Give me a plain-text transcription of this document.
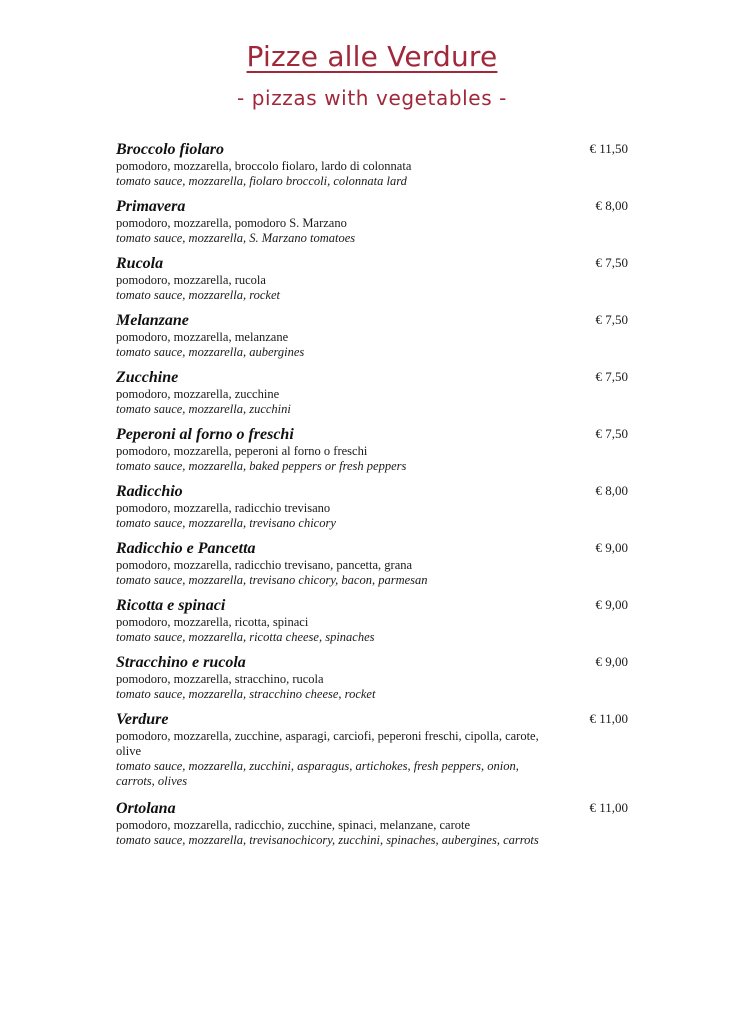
Pizze alle Verdure
- pizzas with vegetables -
Broccolo fiolaro
pomodoro, mozzarella, broccolo fiolaro, lardo di colonnata
tomato sauce, mozzarella, fiolaro broccoli, colonnata lard
€ 11,50
Primavera
pomodoro, mozzarella, pomodoro S. Marzano
tomato sauce, mozzarella, S. Marzano tomatoes
€ 8,00
Rucola
pomodoro, mozzarella, rucola
tomato sauce, mozzarella, rocket
€ 7,50
Melanzane
pomodoro, mozzarella, melanzane
tomato sauce, mozzarella, aubergines
€ 7,50
Zucchine
pomodoro, mozzarella, zucchine
tomato sauce, mozzarella, zucchini
€ 7,50
Peperoni al forno o freschi
pomodoro, mozzarella, peperoni al forno o freschi
tomato sauce, mozzarella, baked peppers or fresh peppers
€ 7,50
Radicchio
pomodoro, mozzarella, radicchio trevisano
tomato sauce, mozzarella, trevisano chicory
€ 8,00
Radicchio e Pancetta
pomodoro, mozzarella, radicchio trevisano, pancetta, grana
tomato sauce, mozzarella, trevisano chicory, bacon, parmesan
€ 9,00
Ricotta e spinaci
pomodoro, mozzarella, ricotta, spinaci
tomato sauce, mozzarella, ricotta cheese, spinaches
€ 9,00
Stracchino e rucola
pomodoro, mozzarella, stracchino, rucola
tomato sauce, mozzarella, stracchino cheese, rocket
€ 9,00
Verdure
pomodoro, mozzarella, zucchine, asparagi, carciofi, peperoni freschi, cipolla, carote, olive
tomato sauce, mozzarella, zucchini, asparagus, artichokes, fresh peppers, onion, carrots, olives
€ 11,00
Ortolana
pomodoro, mozzarella, radicchio, zucchine, spinaci, melanzane, carote
tomato sauce, mozzarella, trevisanochicory, zucchini, spinaches, aubergines, carrots
€ 11,00
